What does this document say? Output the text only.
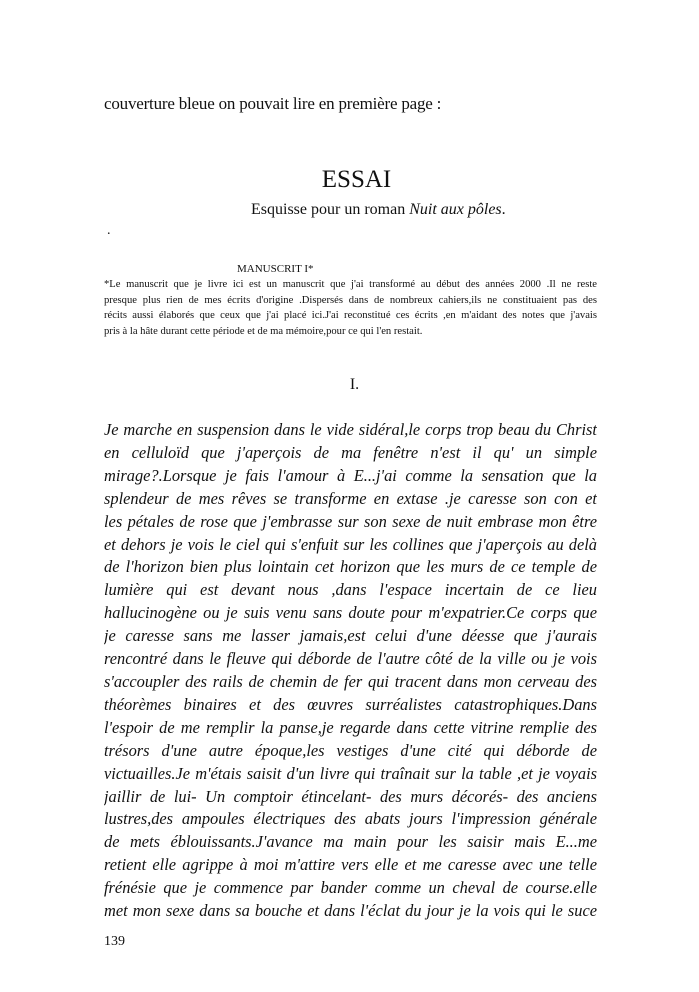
couverture bleue on pouvait lire en première page :
ESSAI
Esquisse pour un roman Nuit aux pôles.
.
MANUSCRIT I*

*Le manuscrit que je livre ici est un manuscrit que j'ai transformé au début des années 2000 .Il ne reste

presque plus rien de mes écrits d'origine .Dispersés dans de nombreux cahiers,ils ne constituaient pas des

récits aussi élaborés que ceux que j'ai placé ici.J'ai reconstitué ces écrits ,en m'aidant des notes que j'avais

pris à la hâte durant cette période et de ma mémoire,pour ce qui l'en restait.

I.
Je marche en suspension dans le vide sidéral,le corps trop beau du Christ
en celluloïd que j'aperçois de ma fenêtre n'est il qu' un simple
mirage?.Lorsque je fais l'amour à E...j'ai comme la sensation que la
splendeur de mes rêves se transforme en extase .je caresse son con et
les pétales de rose que j'embrasse sur son sexe de nuit embrase mon être
et dehors je vois le ciel qui s'enfuit sur les collines que j'aperçois au delà
de l'horizon bien plus lointain cet horizon que les murs de ce temple de
lumière qui est devant nous ,dans l'espace incertain de ce lieu
hallucinogène ou je suis venu sans doute pour m'expatrier.Ce corps que
je caresse sans me lasser jamais,est celui d'une déesse que j'aurais
rencontré dans le fleuve qui déborde de l'autre côté de la ville ou je vois
s'accoupler des rails de chemin de fer qui tracent dans mon cerveau des
théorèmes binaires et des œuvres surréalistes catastrophiques.Dans
l'espoir de me remplir la panse,je regarde dans cette vitrine remplie des
trésors d'une autre époque,les vestiges d'une cité qui déborde de
victuailles.Je m'étais saisit d'un livre qui traînait sur la table ,et je voyais
jaillir de lui- Un comptoir étincelant- des murs décorés- des anciens
lustres,des ampoules électriques des abats jours l'impression générale
de mets éblouissants.J'avance ma main pour les saisir mais E...me
retient elle agrippe à moi m'attire vers elle et me caresse avec une telle
frénésie que je commence par bander comme un cheval de course.elle
met mon sexe dans sa bouche et dans l'éclat du jour je la vois qui le suce
139
